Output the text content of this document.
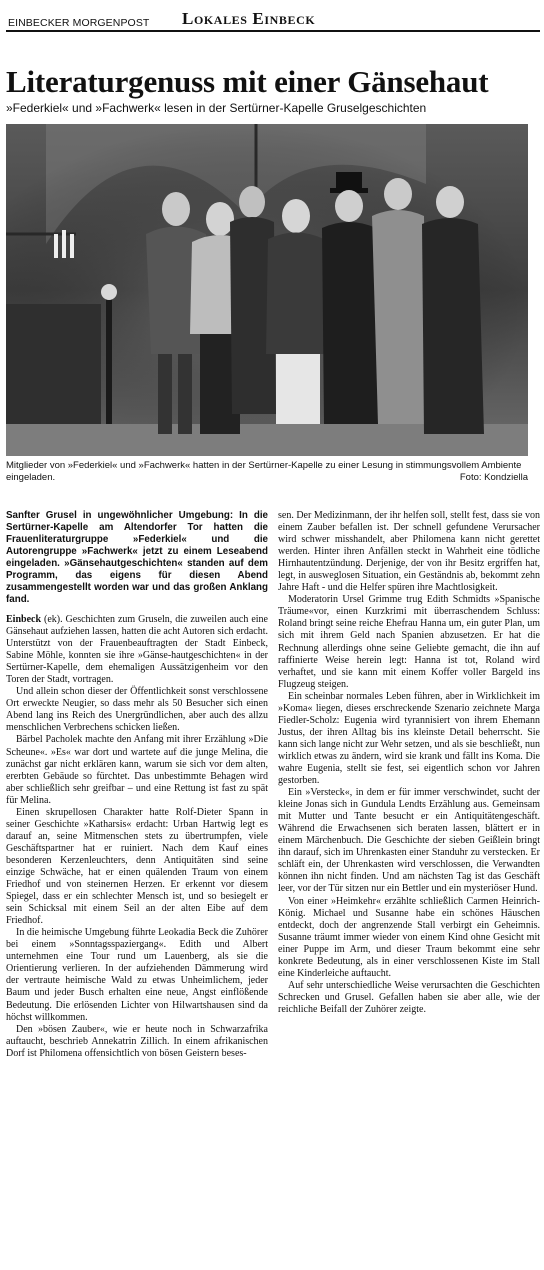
EINBECKER MORGENPOST Lokales Einbeck
Literaturgenuss mit einer Gänsehaut
»Federkiel« und »Fachwerk« lesen in der Sertürner-Kapelle Gruselgeschichten
Mitglieder von »Federkiel« und »Fachwerk« hatten in der Sertürner-Kapelle zu einer Lesung in stimmungsvollem Ambiente eingeladen.	Foto: Kondziella

Sanfter Grusel in ungewöhnlicher Umgebung: In die Sertürner-Kapelle am Altendorfer Tor hatten die Frauenliteraturgruppe »Federkiel« und die Autorengruppe »Fachwerk« jetzt zu einem Leseabend eingeladen. »Gänsehautgeschichten« standen auf dem Programm, das eigens für diesen Abend zusammengestellt worden war und das großen Anklang fand.

Einbeck (ek). Geschichten zum Gruseln, die zuweilen auch eine Gänsehaut aufziehen lassen, hatten die acht Autoren sich erdacht. Unterstützt von der Frauenbeauftragten der Stadt Einbeck, Sabine Möhle, konnten sie ihre »Gänse-hautgeschichten« in der Sertürner-Kapelle, dem ehemaligen Aussätzigenheim vor den Toren der Stadt, vortragen.

Und allein schon dieser der Öffentlichkeit sonst verschlossene Ort erweckte Neugier, so dass mehr als 50 Besucher sich einen Abend lang ins Reich des Unergründlichen, aber auch des allzu menschlichen Verbrechens schicken ließen.

Bärbel Pacholek machte den Anfang mit ihrer Erzählung »Die Scheune«. »Es« war dort und wartete auf die junge Melina, die zunächst gar nicht erklären kann, warum sie sich vor dem alten, ererbten Gebäude so fürchtet. Das unbestimmte Behagen wird aber schließlich sehr greifbar – und eine Rettung ist fast zu spät für Melina.

Einen skrupellosen Charakter hatte Rolf-Dieter Spann in seiner Geschichte »Katharsis« erdacht: Urban Hartwig legt es darauf an, seine Mitmenschen stets zu übertrumpfen, viele Geschäftspartner hat er ruiniert. Nach dem Kauf eines besonderen Kerzenleuchters, denn Antiquitäten sind seine einzige Schwäche, hat er einen quälenden Traum von einem Friedhof und von steinernen Herzen. Er erkennt vor diesem Spiegel, dass er ein schlechter Mensch ist, und so besiegelt er sein Schicksal mit einem Seil an der alten Eibe auf dem Friedhof.

In die heimische Umgebung führte Leokadia Beck die Zuhörer bei einem »Sonntagsspaziergang«. Edith und Albert unternehmen eine Tour rund um Lauenberg, als sie die Orientierung verlieren. In der aufziehenden Dämmerung wird der vertraute heimische Wald zu etwas Unheimlichem, jeder Baum und jeder Busch erhalten eine neue, Angst einflößende Bedeutung. Die erlösenden Lichter von Hilwartshausen sind da höchst willkommen.

Den »bösen Zauber«, wie er heute noch in Schwarzafrika auftaucht, beschrieb Annekatrin Zillich. In einem afrikanischen Dorf ist Philomena offensichtlich von bösen Geistern beses-

sen. Der Medizinmann, der ihr helfen soll, stellt fest, dass sie von einem Zauber befallen ist. Der schnell gefundene Verursacher wird schwer misshandelt, aber Philomena kann nicht gerettet werden. Hinter ihren Anfällen steckt in Wahrheit eine tödliche Hirnhautentzündung. Derjenige, der von ihr Besitz ergriffen hat, legt, in ausweglosen Situation, ein Geständnis ab, bekommt zehn Jahre Haft - und die Helfer spüren ihre Machtlosigkeit.

Moderatorin Ursel Grimme trug Edith Schmidts »Spanische Träume«vor, einen Kurzkrimi mit überraschendem Schluss: Roland bringt seine reiche Ehefrau Hanna um, ein guter Plan, um sich mit ihrem Geld nach Spanien abzusetzen. Er hat die Rechnung allerdings ohne seine Geliebte gemacht, die ihn auf raffinierte Weise herein legt: Hanna ist tot, Roland wird verhaftet, und sie kann mit einem Koffer voller Bargeld ins Flugzeug steigen.

Ein scheinbar normales Leben führen, aber in Wirklichkeit im »Koma« liegen, dieses erschreckende Szenario zeichnete Marga Fiedler-Scholz: Eugenia wird tyrannisiert von ihrem Ehemann Justus, der ihren Alltag bis ins kleinste Detail beherrscht. Sie kann sich lange nicht zur Wehr setzen, und als sie beschließt, nun wirklich etwas zu ändern, wird sie krank und fällt ins Koma. Die wahre Eugenia, stellt sie fest, sei eigentlich schon vor Jahren gestorben.

Ein »Versteck«, in dem er für immer verschwindet, sucht der kleine Jonas sich in Gundula Lendts Erzählung aus. Gemeinsam mit Mutter und Tante besucht er ein Antiquitätengeschäft. Während die Erwachsenen sich beraten lassen, blättert er in einem Märchenbuch. Die Geschichte der sieben Geißlein bringt ihn darauf, sich im Uhrenkasten einer Standuhr zu verstecken. Er schläft ein, der Uhrenkasten wird verschlossen, die Verwandten können ihn nicht finden. Und am nächsten Tag ist das Geschäft leer, vor der Tür sitzen nur ein Bettler und ein mysteriöser Hund.

Von einer »Heimkehr« erzählte schließlich Carmen Heinrich-König. Michael und Susanne habe ein schönes Häuschen entdeckt, doch der angrenzende Stall verbirgt ein Geheimnis. Susanne träumt immer wieder von einem Kind ohne Gesicht mit einer Puppe im Arm, und dieser Traum bekommt eine sehr konkrete Bedeutung, als in einer verschlossenen Kiste im Stall eine Kinderleiche auftaucht.

Auf sehr unterschiedliche Weise verursachten die Geschichten Schrecken und Grusel. Gefallen haben sie aber alle, wie der reichliche Beifall der Zuhörer zeigte.
